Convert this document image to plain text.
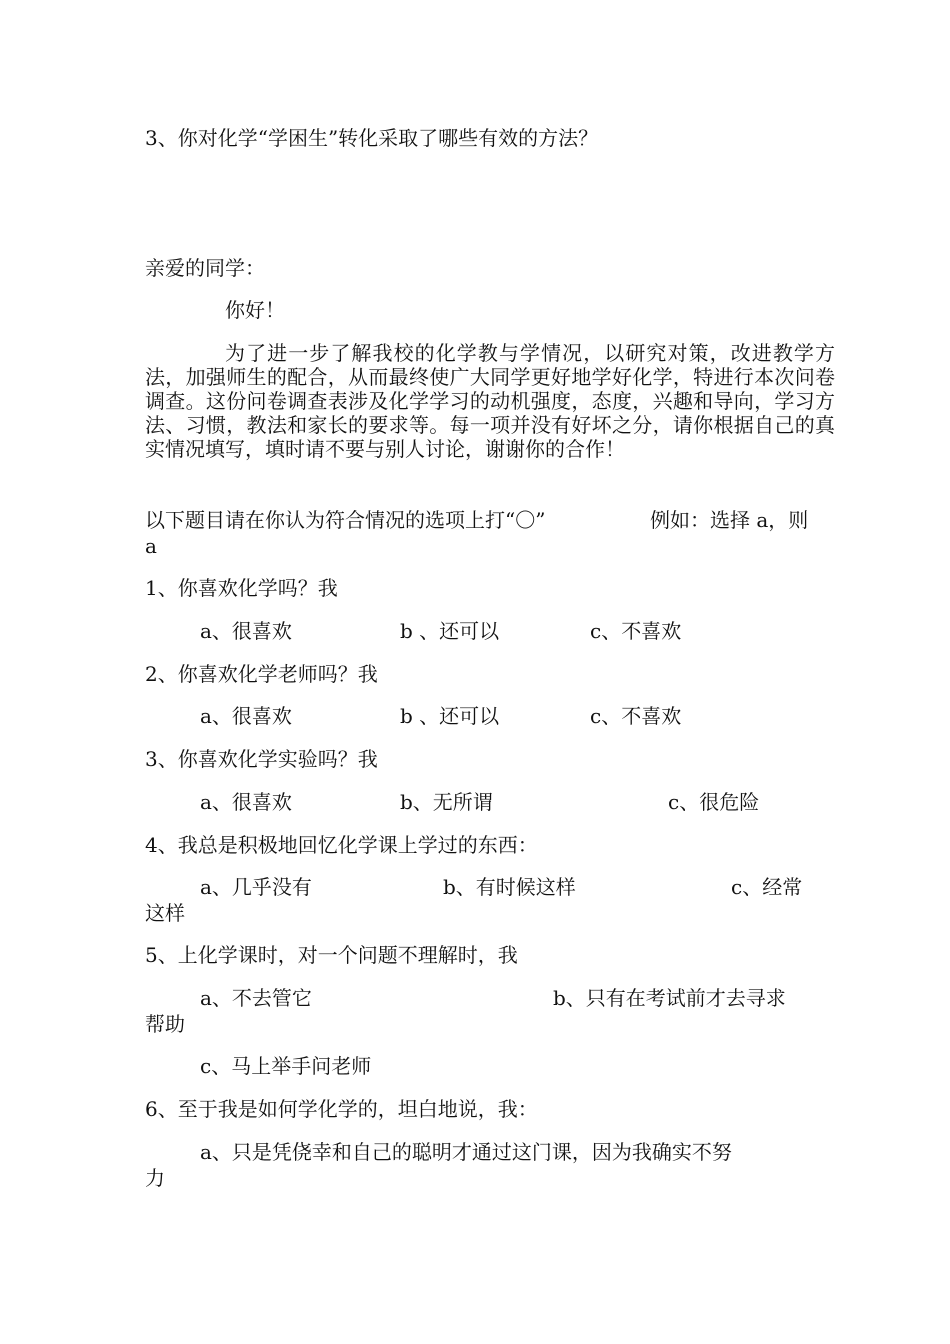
3、你对化学“学困生”转化采取了哪些有效的方法？
亲爱的同学：
你好！
为了进一步了解我校的化学教与学情况，以研究对策，改进教学方法，加强师生的配合，从而最终使广大同学更好地学好化学，特进行本次问卷调查。这份问卷调查表涉及化学学习的动机强度，态度，兴趣和导向，学习方法、习惯，教法和家长的要求等。每一项并没有好坏之分，请你根据自己的真实情况填写，填时请不要与别人讨论，谢谢你的合作！
以下题目请在你认为符合情况的选项上打“〇”	例如：选择 a，则
a
1、你喜欢化学吗？我
a、很喜欢	b 、还可以	c、不喜欢
2、你喜欢化学老师吗？我
a、很喜欢	b 、还可以	c、不喜欢
3、你喜欢化学实验吗？我
a、很喜欢	b、无所谓	c、很危险
4、我总是积极地回忆化学课上学过的东西：
a、几乎没有	b、有时候这样	c、经常
这样
5、上化学课时，对一个问题不理解时，我
a、不去管它	b、只有在考试前才去寻求
帮助
c、马上举手问老师
6、至于我是如何学化学的，坦白地说，我：
a、只是凭侥幸和自己的聪明才通过这门课，因为我确实不努
力
